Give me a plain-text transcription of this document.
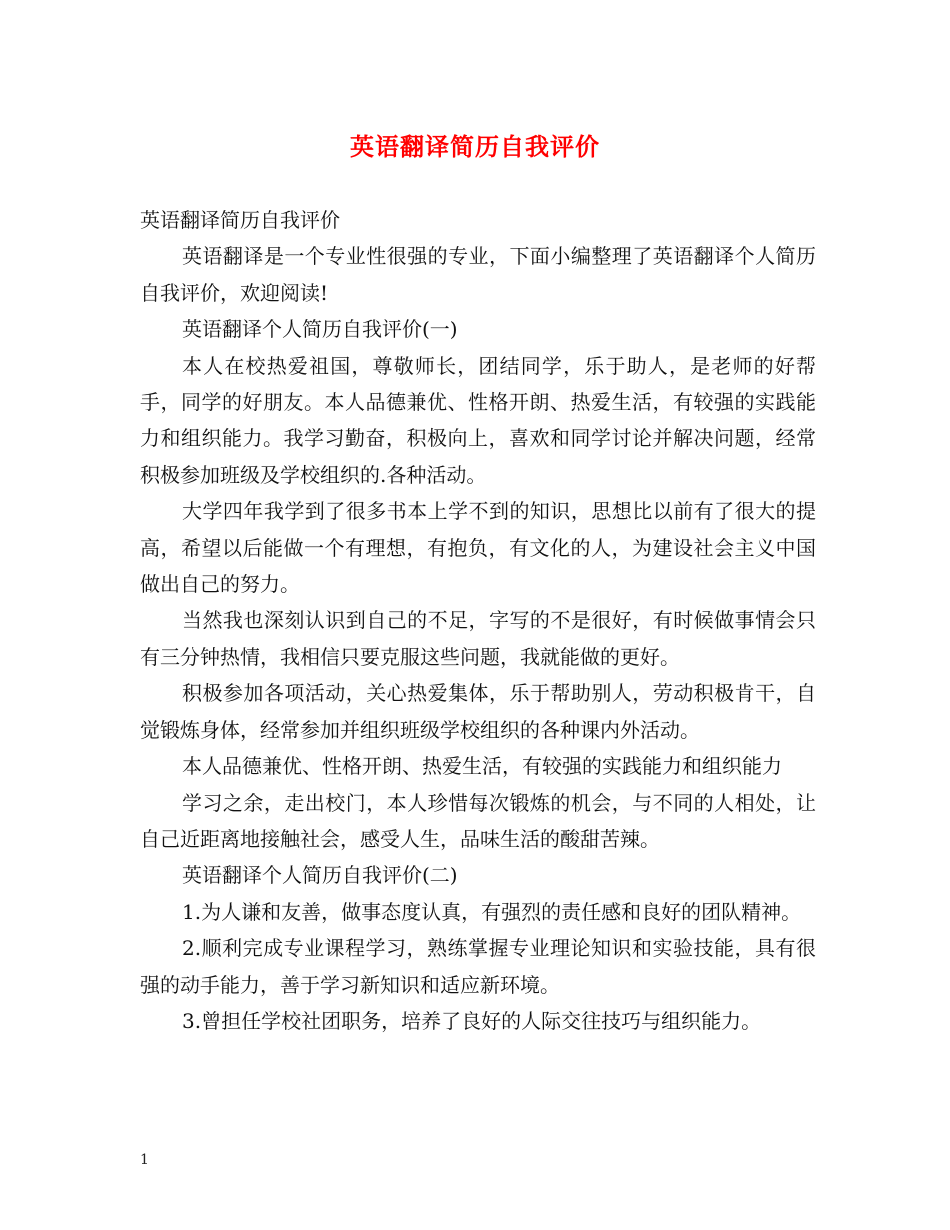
英语翻译简历自我评价

英语翻译简历自我评价

英语翻译是一个专业性很强的专业，下面小编整理了英语翻译个人简历自我评价，欢迎阅读!

英语翻译个人简历自我评价(一)

本人在校热爱祖国，尊敬师长，团结同学，乐于助人，是老师的好帮手，同学的好朋友。本人品德兼优、性格开朗、热爱生活，有较强的实践能力和组织能力。我学习勤奋，积极向上，喜欢和同学讨论并解决问题，经常积极参加班级及学校组织的.各种活动。

大学四年我学到了很多书本上学不到的知识，思想比以前有了很大的提高，希望以后能做一个有理想，有抱负，有文化的人，为建设社会主义中国做出自己的努力。

当然我也深刻认识到自己的不足，字写的不是很好，有时候做事情会只有三分钟热情，我相信只要克服这些问题，我就能做的更好。

积极参加各项活动，关心热爱集体，乐于帮助别人，劳动积极肯干，自觉锻炼身体，经常参加并组织班级学校组织的各种课内外活动。

本人品德兼优、性格开朗、热爱生活，有较强的实践能力和组织能力

学习之余，走出校门，本人珍惜每次锻炼的机会，与不同的人相处，让自己近距离地接触社会，感受人生，品味生活的酸甜苦辣。

英语翻译个人简历自我评价(二)

1.为人谦和友善，做事态度认真，有强烈的责任感和良好的团队精神。

2.顺利完成专业课程学习，熟练掌握专业理论知识和实验技能，具有很强的动手能力，善于学习新知识和适应新环境。

3.曾担任学校社团职务，培养了良好的人际交往技巧与组织能力。

1
